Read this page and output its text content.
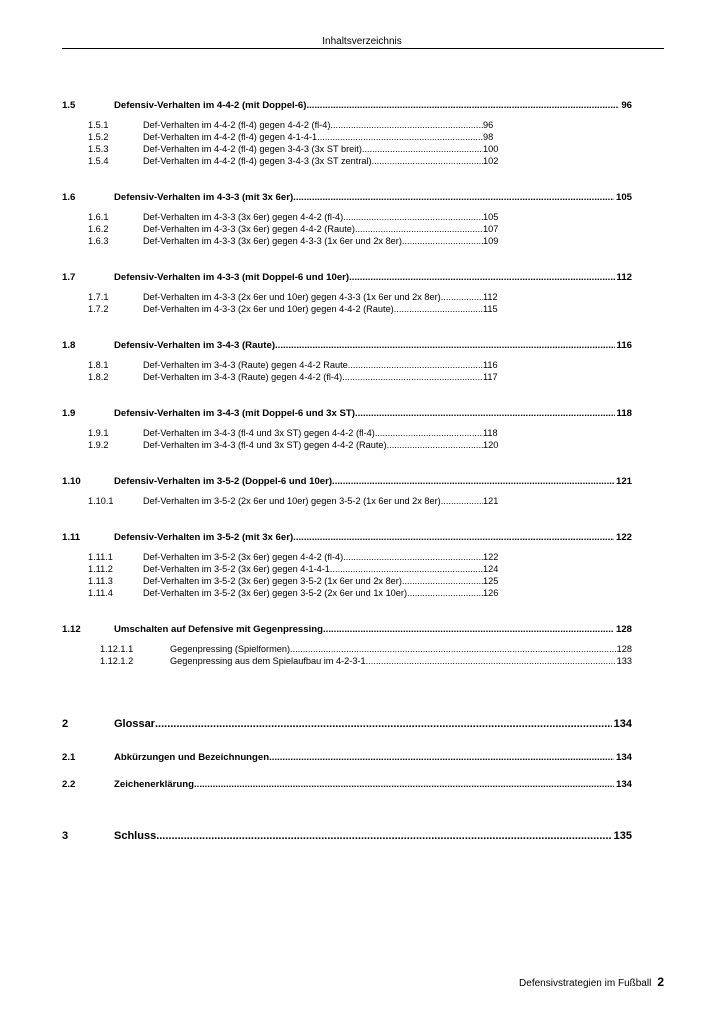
Inhaltsverzeichnis
1.5	Defensiv-Verhalten im 4-4-2 (mit Doppel-6) .....	96
1.5.1	Def-Verhalten im 4-4-2 (fl-4) gegen 4-4-2 (fl-4) .....	96
1.5.2	Def-Verhalten im 4-4-2 (fl-4) gegen 4-1-4-1 .....	98
1.5.3	Def-Verhalten im 4-4-2 (fl-4) gegen 3-4-3 (3x ST breit) .....	100
1.5.4	Def-Verhalten im 4-4-2 (fl-4) gegen 3-4-3 (3x ST zentral) .....	102
1.6	Defensiv-Verhalten im 4-3-3 (mit 3x 6er) .....	105
1.6.1	Def-Verhalten im 4-3-3 (3x 6er) gegen 4-4-2 (fl-4) .....	105
1.6.2	Def-Verhalten im 4-3-3 (3x 6er) gegen 4-4-2 (Raute) .....	107
1.6.3	Def-Verhalten im 4-3-3 (3x 6er) gegen 4-3-3 (1x 6er und 2x 8er) .....	109
1.7	Defensiv-Verhalten im 4-3-3 (mit Doppel-6 und 10er) .....	112
1.7.1	Def-Verhalten im 4-3-3 (2x 6er und 10er) gegen 4-3-3 (1x 6er und 2x 8er) .....	112
1.7.2	Def-Verhalten im 4-3-3 (2x 6er und 10er) gegen 4-4-2 (Raute) .....	115
1.8	Defensiv-Verhalten im 3-4-3 (Raute) .....	116
1.8.1	Def-Verhalten im 3-4-3 (Raute) gegen 4-4-2 Raute .....	116
1.8.2	Def-Verhalten im 3-4-3 (Raute) gegen 4-4-2 (fl-4) .....	117
1.9	Defensiv-Verhalten im 3-4-3 (mit Doppel-6 und 3x ST) .....	118
1.9.1	Def-Verhalten im 3-4-3 (fl-4 und 3x ST) gegen 4-4-2 (fl-4) .....	118
1.9.2	Def-Verhalten im 3-4-3 (fl-4 und 3x ST) gegen 4-4-2 (Raute) .....	120
1.10	Defensiv-Verhalten im 3-5-2 (Doppel-6 und 10er) .....	121
1.10.1	Def-Verhalten im 3-5-2 (2x 6er und 10er) gegen 3-5-2 (1x 6er und 2x 8er) .....	121
1.11	Defensiv-Verhalten im 3-5-2 (mit 3x 6er) .....	122
1.11.1	Def-Verhalten im 3-5-2 (3x 6er) gegen 4-4-2 (fl-4) .....	122
1.11.2	Def-Verhalten im 3-5-2 (3x 6er) gegen 4-1-4-1 .....	124
1.11.3	Def-Verhalten im 3-5-2 (3x 6er) gegen 3-5-2 (1x 6er und 2x 8er) .....	125
1.11.4	Def-Verhalten im 3-5-2 (3x 6er) gegen 3-5-2 (2x 6er und 1x 10er) .....	126
1.12	Umschalten auf Defensive mit Gegenpressing .....	128
1.12.1.1	Gegenpressing (Spielformen) .....	128
1.12.1.2	Gegenpressing aus dem Spielaufbau im 4-2-3-1 .....	133
2	Glossar .....	134
2.1	Abkürzungen und Bezeichnungen .....	134
2.2	Zeichenerklärung .....	134
3	Schluss .....	135
Defensivstrategien im Fußball 2
